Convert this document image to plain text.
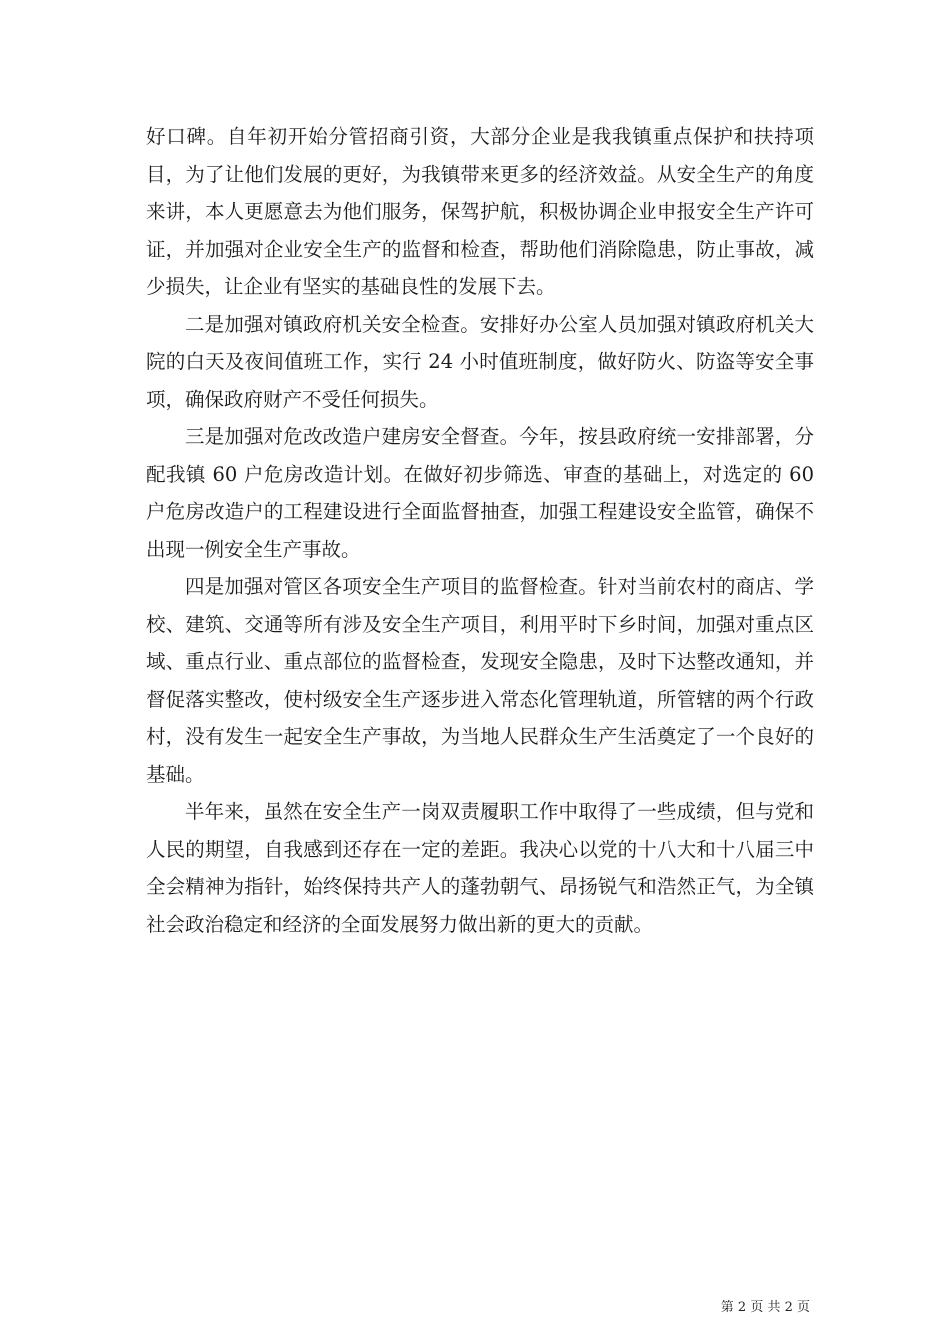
好口碑。自年初开始分管招商引资，大部分企业是我我镇重点保护和扶持项目，为了让他们发展的更好，为我镇带来更多的经济效益。从安全生产的角度来讲，本人更愿意去为他们服务，保驾护航，积极协调企业申报安全生产许可证，并加强对企业安全生产的监督和检查，帮助他们消除隐患，防止事故，减少损失，让企业有坚实的基础良性的发展下去。

二是加强对镇政府机关安全检查。安排好办公室人员加强对镇政府机关大院的白天及夜间值班工作，实行 24 小时值班制度，做好防火、防盗等安全事项，确保政府财产不受任何损失。

三是加强对危改改造户建房安全督查。今年，按县政府统一安排部署，分配我镇 60 户危房改造计划。在做好初步筛选、审查的基础上，对选定的 60 户危房改造户的工程建设进行全面监督抽查，加强工程建设安全监管，确保不出现一例安全生产事故。

四是加强对管区各项安全生产项目的监督检查。针对当前农村的商店、学校、建筑、交通等所有涉及安全生产项目，利用平时下乡时间，加强对重点区域、重点行业、重点部位的监督检查，发现安全隐患，及时下达整改通知，并督促落实整改，使村级安全生产逐步进入常态化管理轨道，所管辖的两个行政村，没有发生一起安全生产事故，为当地人民群众生产生活奠定了一个良好的基础。

半年来，虽然在安全生产一岗双责履职工作中取得了一些成绩，但与党和人民的期望，自我感到还存在一定的差距。我决心以党的十八大和十八届三中全会精神为指针，始终保持共产人的蓬勃朝气、昂扬锐气和浩然正气，为全镇社会政治稳定和经济的全面发展努力做出新的更大的贡献。

第 2 页 共 2 页
